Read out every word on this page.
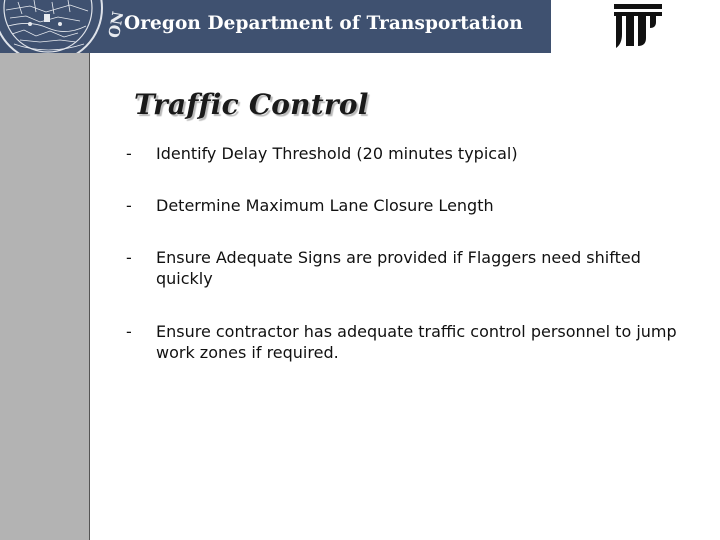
ON
Oregon Department of Transportation
Traffic Control
-	Identify Delay Threshold (20 minutes typical)
-	Determine Maximum Lane Closure Length
-	Ensure Adequate Signs are provided if Flaggers need shifted quickly
-	Ensure contractor has adequate traffic control personnel to jump work zones if required.
